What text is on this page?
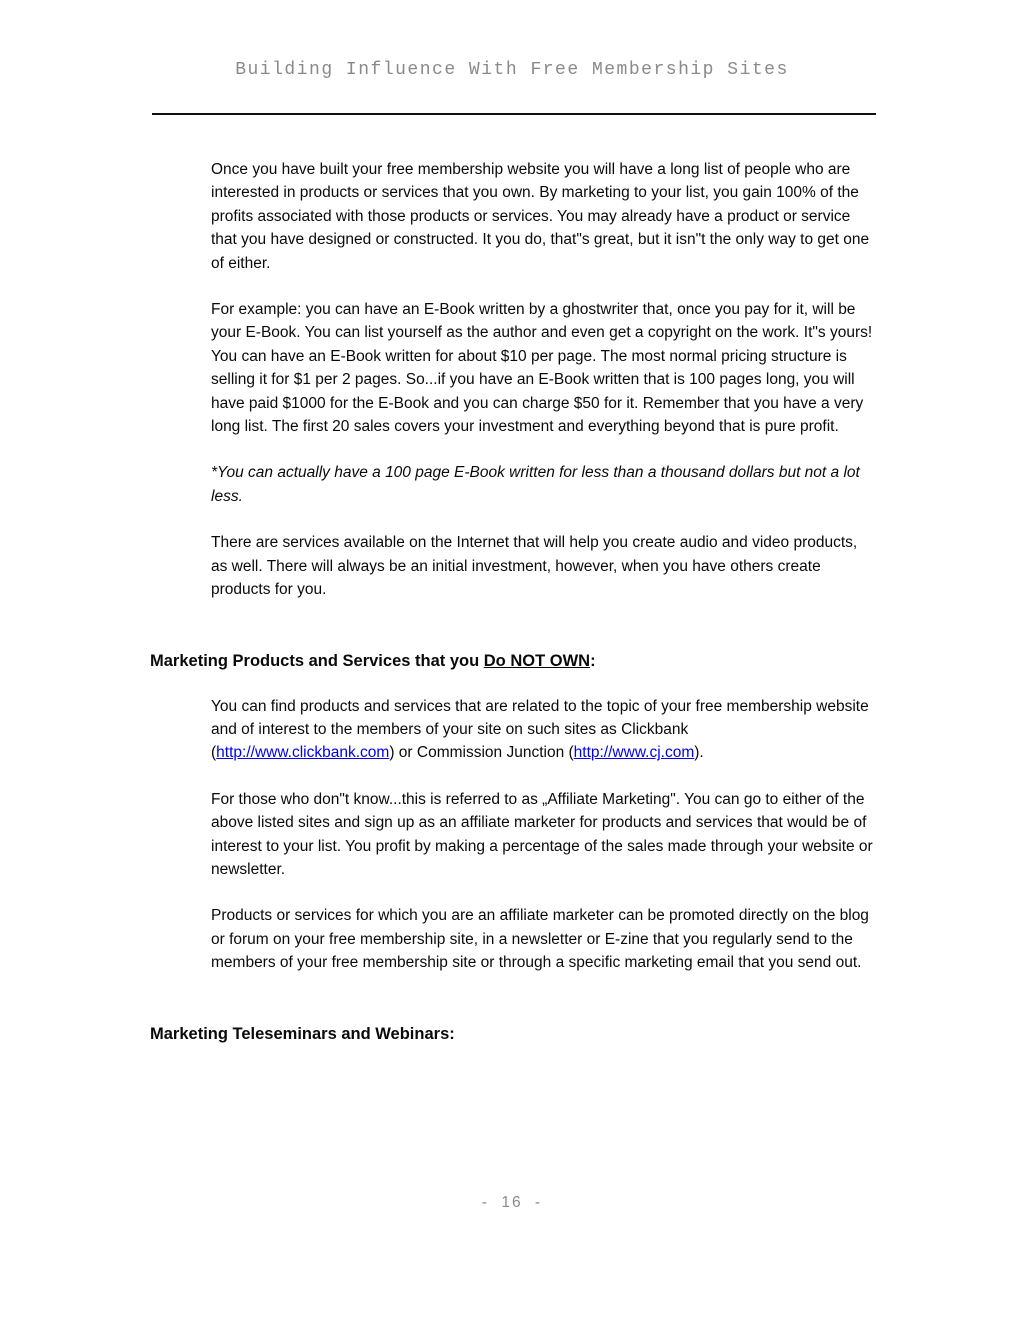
Building Influence With Free Membership Sites
Once you have built your free membership website you will have a long list of people who are interested in products or services that you own. By marketing to your list, you gain 100% of the profits associated with those products or services. You may already have a product or service that you have designed or constructed. It you do, that"s great, but it isn"t the only way to get one of either.
For example: you can have an E-Book written by a ghostwriter that, once you pay for it, will be your E-Book. You can list yourself as the author and even get a copyright on the work. It"s yours! You can have an E-Book written for about $10 per page. The most normal pricing structure is selling it for $1 per 2 pages. So...if you have an E-Book written that is 100 pages long, you will have paid $1000 for the E-Book and you can charge $50 for it. Remember that you have a very long list. The first 20 sales covers your investment and everything beyond that is pure profit.
*You can actually have a 100 page E-Book written for less than a thousand dollars but not a lot less.
There are services available on the Internet that will help you create audio and video products, as well. There will always be an initial investment, however, when you have others create products for you.
Marketing Products and Services that you Do NOT OWN:
You can find products and services that are related to the topic of your free membership website and of interest to the members of your site on such sites as Clickbank (http://www.clickbank.com) or Commission Junction (http://www.cj.com).
For those who don"t know...this is referred to as „Affiliate Marketing". You can go to either of the above listed sites and sign up as an affiliate marketer for products and services that would be of interest to your list. You profit by making a percentage of the sales made through your website or newsletter.
Products or services for which you are an affiliate marketer can be promoted directly on the blog or forum on your free membership site, in a newsletter or E-zine that you regularly send to the members of your free membership site or through a specific marketing email that you send out.
Marketing Teleseminars and Webinars:
- 16 -
